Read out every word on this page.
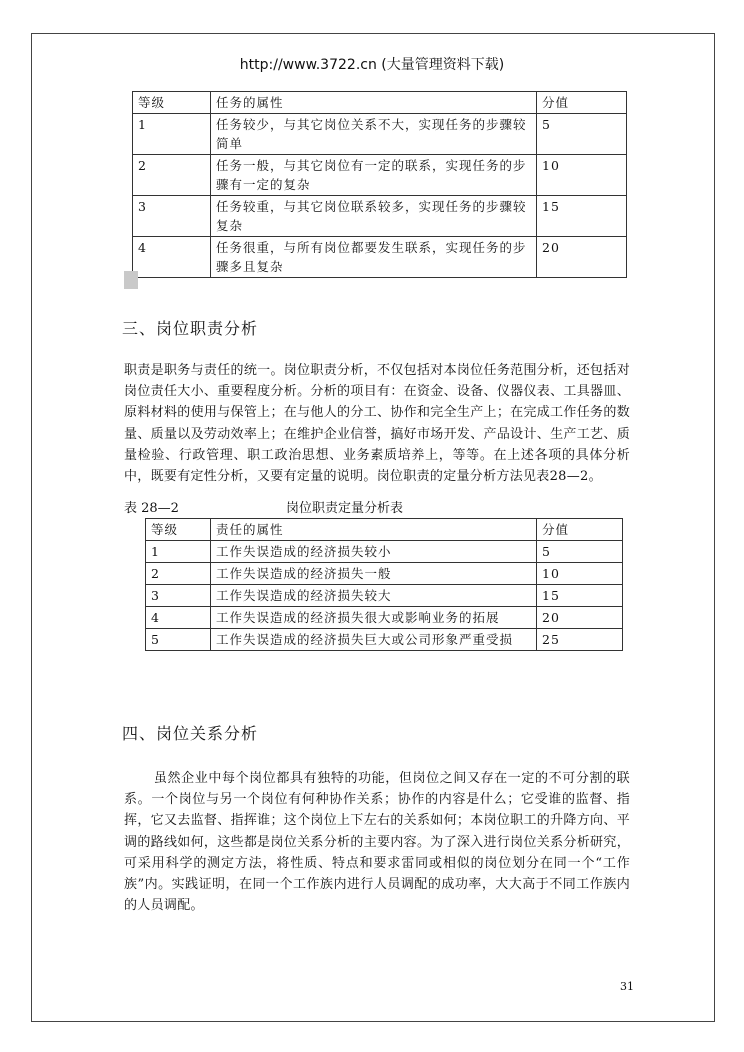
http://www.3722.cn (大量管理资料下载)
等级	任务的属性	分值
1	任务较少，与其它岗位关系不大，实现任务的步骤较简单	5
2	任务一般，与其它岗位有一定的联系，实现任务的步骤有一定的复杂	10
3	任务较重，与其它岗位联系较多，实现任务的步骤较复杂	15
4	任务很重，与所有岗位都要发生联系，实现任务的步骤多且复杂	20
三、岗位职责分析
职责是职务与责任的统一。岗位职责分析，不仅包括对本岗位任务范围分析，还包括对岗位责任大小、重要程度分析。分析的项目有：在资金、设备、仪器仪表、工具器皿、原料材料的使用与保管上；在与他人的分工、协作和完全生产上；在完成工作任务的数量、质量以及劳动效率上；在维护企业信誉，搞好市场开发、产品设计、生产工艺、质量检验、行政管理、职工政治思想、业务素质培养上，等等。在上述各项的具体分析中，既要有定性分析，又要有定量的说明。岗位职责的定量分析方法见表28—2。
表 28—2	岗位职责定量分析表
等级	责任的属性	分值
1	工作失误造成的经济损失较小	5
2	工作失误造成的经济损失一般	10
3	工作失误造成的经济损失较大	15
4	工作失误造成的经济损失很大或影响业务的拓展	20
5	工作失误造成的经济损失巨大或公司形象严重受损	25
四、岗位关系分析
虽然企业中每个岗位都具有独特的功能，但岗位之间又存在一定的不可分割的联系。一个岗位与另一个岗位有何种协作关系；协作的内容是什么；它受谁的监督、指挥，它又去监督、指挥谁；这个岗位上下左右的关系如何；本岗位职工的升降方向、平调的路线如何，这些都是岗位关系分析的主要内容。为了深入进行岗位关系分析研究，可采用科学的测定方法，将性质、特点和要求雷同或相似的岗位划分在同一个“工作族”内。实践证明，在同一个工作族内进行人员调配的成功率，大大高于不同工作族内的人员调配。
31
